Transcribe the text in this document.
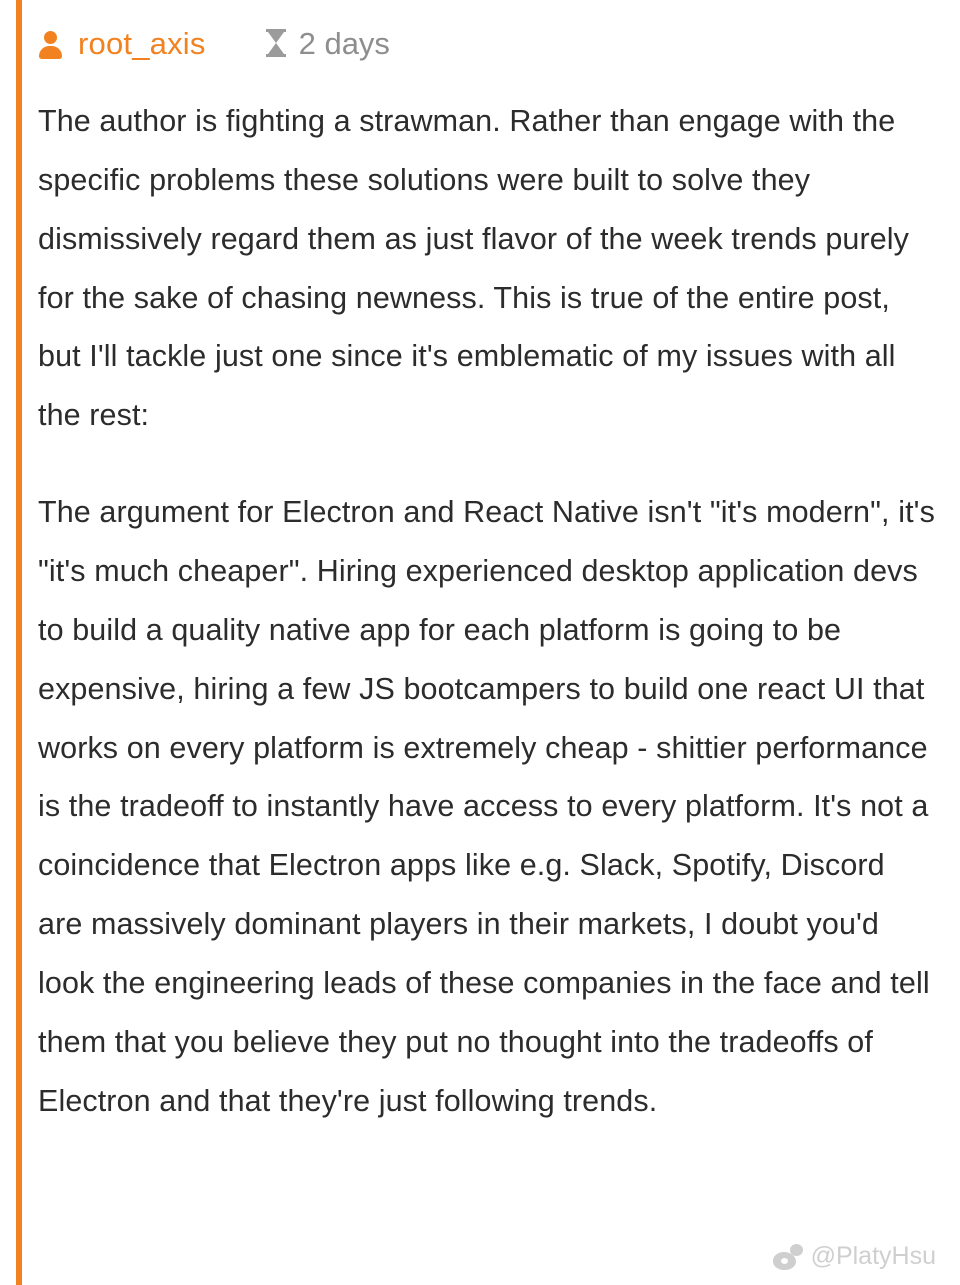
root_axis	2 days

The author is fighting a strawman. Rather than engage with the specific problems these solutions were built to solve they dismissively regard them as just flavor of the week trends purely for the sake of chasing newness. This is true of the entire post, but I'll tackle just one since it's emblematic of my issues with all the rest:

The argument for Electron and React Native isn't "it's modern", it's "it's much cheaper". Hiring experienced desktop application devs to build a quality native app for each platform is going to be expensive, hiring a few JS bootcampers to build one react UI that works on every platform is extremely cheap - shittier performance is the tradeoff to instantly have access to every platform. It's not a coincidence that Electron apps like e.g. Slack, Spotify, Discord are massively dominant players in their markets, I doubt you'd look the engineering leads of these companies in the face and tell them that you believe they put no thought into the tradeoffs of Electron and that they're just following trends.

@PlatyHsu
